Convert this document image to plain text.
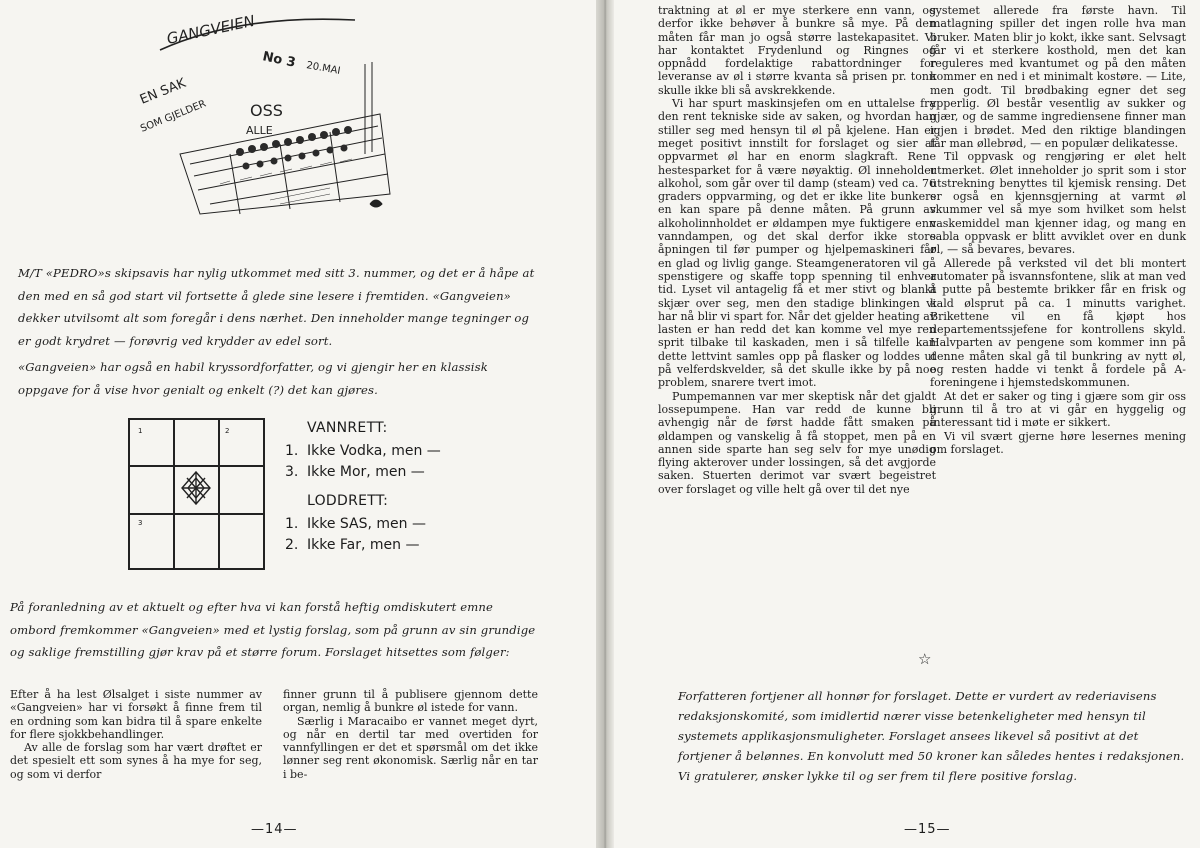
GANGVEIEN
No 3 20.MAI
EN SAK
SOM GJELDER	OSS
ALLE
M/T «PEDRO»s skipsavis har nylig utkommet med sitt 3. nummer, og det er å håpe at den med en så god start vil fortsette å glede sine lesere i fremtiden. «Gangveien» dekker utvilsomt alt som foregår i dens nærhet. Den inneholder mange tegninger og er godt krydret — forøvrig ved krydder av edel sort.
«Gangveien» har også en habil kryssordforfatter, og vi gjengir her en klassisk oppgave for å vise hvor genialt og enkelt (?) det kan gjøres.
1	2
3
VANNRETT:
1. Ikke Vodka, men —
3. Ikke Mor, men —
LODDRETT:
1. Ikke SAS, men —
2. Ikke Far, men —
På foranledning av et aktuelt og efter hva vi kan forstå heftig omdiskutert emne ombord fremkommer «Gangveien» med et lystig forslag, som på grunn av sin grundige og saklige fremstilling gjør krav på et større forum. Forslaget hitsettes som følger:

Efter å ha lest Ølsalget i siste nummer av «Gangveien» har vi forsøkt å finne frem til en ordning som kan bidra til å spare enkelte for flere sjokkbehandlinger.

Av alle de forslag som har vært drøftet er det spesielt ett som synes å ha mye for seg, og som vi derfor

finner grunn til å publisere gjennom dette organ, nemlig å bunkre øl istede for vann.

Særlig i Maracaibo er vannet meget dyrt, og når en dertil tar med overtiden for vannfyllingen er det et spørsmål om det ikke lønner seg rent økonomisk. Særlig når en tar i be-

—14—

traktning at øl er mye sterkere enn vann, og derfor ikke behøver å bunkre så mye. På den måten får man jo også større lastekapasitet. Vi har kontaktet Frydenlund og Ringnes og oppnådd fordelaktige rabattordninger for leveranse av øl i større kvanta så prisen pr. tonn skulle ikke bli så avskrekkende.

Vi har spurt maskinsjefen om en uttalelse fra den rent tekniske side av saken, og hvordan han stiller seg med hensyn til øl på kjelene. Han er meget positivt innstilt for forslaget og sier at oppvarmet øl har en enorm slagkraft. Rene hestesparket for å være nøyaktig. Øl inneholder alkohol, som går over til damp (steam) ved ca. 76 graders oppvarming, og det er ikke lite bunkers en kan spare på denne måten. På grunn av alkoholinnholdet er øldampen mye fuktigere enn vanndampen, og det skal derfor ikke store åpningen til før pumper og hjelpemaskineri får en glad og livlig gange. Steamgeneratoren vil gå spenstigere og skaffe topp spenning til enhver tid. Lyset vil antagelig få et mer stivt og blankt skjær over seg, men den stadige blinkingen vi har nå blir vi spart for. Når det gjelder heating av lasten er han redd det kan komme vel mye ren sprit tilbake til kaskaden, men i så tilfelle kan dette lettvint samles opp på flasker og loddes ut på velferdskvelder, så det skulle ikke by på noe problem, snarere tvert imot.

Pumpemannen var mer skeptisk når det gjaldt lossepumpene. Han var redd de kunne bli avhengig når de først hadde fått smaken på øldampen og vanskelig å få stoppet, men på en annen side sparte han seg selv for mye unødig flying akterover under lossingen, så det avgjorde saken. Stuerten derimot var svært begeistret over forslaget og ville helt gå over til det nye

systemet allerede fra første havn. Til matlagning spiller det ingen rolle hva man bruker. Maten blir jo kokt, ikke sant. Selvsagt får vi et sterkere kosthold, men det kan reguleres med kvantumet og på den måten kommer en ned i et minimalt kostøre. — Lite, men godt. Til brødbaking egner det seg ypperlig. Øl består vesentlig av sukker og gjær, og de samme ingrediensene finner man igjen i brødet. Med den riktige blandingen får man øllebrød, — en populær delikatesse.

Til oppvask og rengjøring er ølet helt utmerket. Ølet inneholder jo sprit som i stor utstrekning benyttes til kjemisk rensing. Det er også en kjennsgjerning at varmt øl skummer vel så mye som hvilket som helst vaskemiddel man kjenner idag, og mang en sabla oppvask er blitt avviklet over en dunk øl, — så bevares, bevares.

Allerede på verksted vil det bli montert automater på isvannsfontene, slik at man ved å putte på bestemte brikker får en frisk og kald ølsprut på ca. 1 minutts varighet. Brikettene vil en få kjøpt hos departementssjefene for kontrollens skyld. Halvparten av pengene som kommer inn på denne måten skal gå til bunkring av nytt øl, og resten hadde vi tenkt å fordele på A-foreningene i hjemstedskommunen.

At det er saker og ting i gjære som gir oss grunn til å tro at vi går en hyggelig og interessant tid i møte er sikkert.

Vi vil svært gjerne høre lesernes mening om forslaget.

☆
Forfatteren fortjener all honnør for forslaget. Dette er vurdert av rederiavisens redaksjonskomité, som imidlertid nærer visse betenkeligheter med hensyn til systemets applikasjonsmuligheter. Forslaget ansees likevel så positivt at det fortjener å belønnes. En konvolutt med 50 kroner kan således hentes i redaksjonen. Vi gratulerer, ønsker lykke til og ser frem til flere positive forslag.
—15—
